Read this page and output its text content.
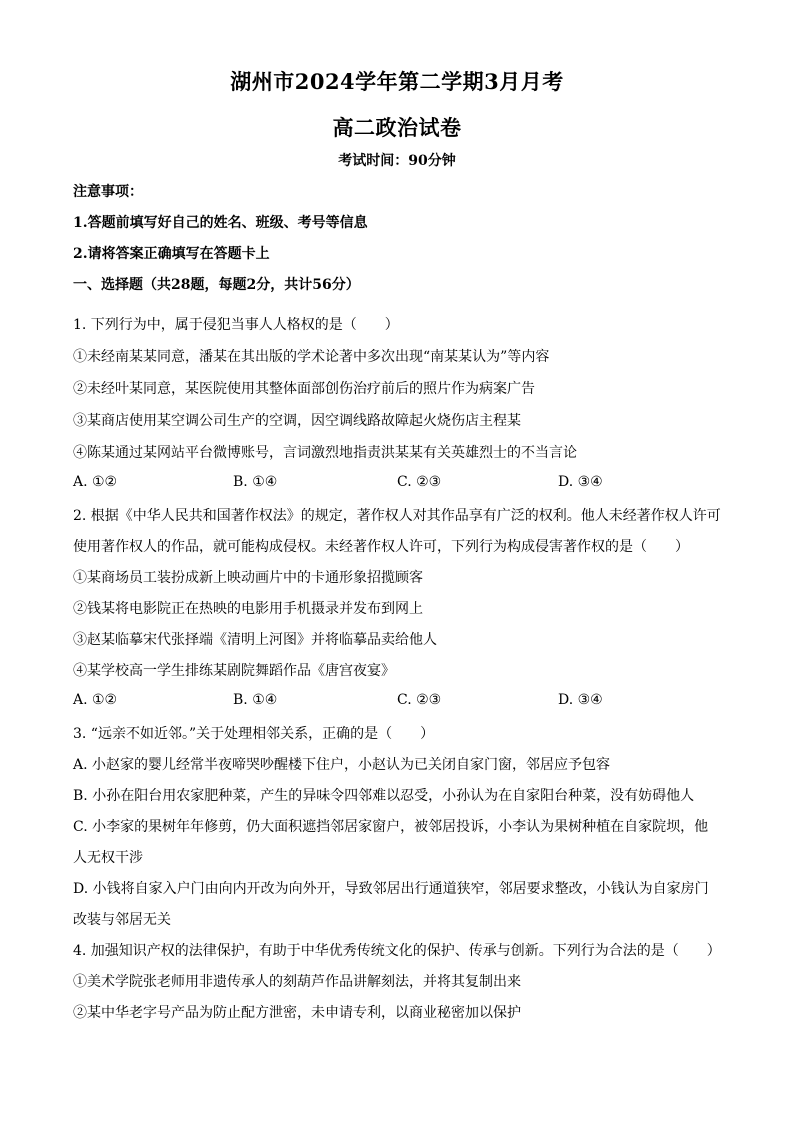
湖州市2024学年第二学期3月月考
高二政治试卷
考试时间：90分钟
注意事项：
1.答题前填写好自己的姓名、班级、考号等信息
2.请将答案正确填写在答题卡上
一、选择题（共28题，每题2分，共计56分）
1. 下列行为中，属于侵犯当事人人格权的是（　　）
①未经南某某同意，潘某在其出版的学术论著中多次出现“南某某认为”等内容
②未经叶某同意，某医院使用其整体面部创伤治疗前后的照片作为病案广告
③某商店使用某空调公司生产的空调，因空调线路故障起火烧伤店主程某
④陈某通过某网站平台微博账号，言词激烈地指责洪某某有关英雄烈士的不当言论
A. ①②	B. ①④	C. ②③	D. ③④
2. 根据《中华人民共和国著作权法》的规定，著作权人对其作品享有广泛的权利。他人未经著作权人许可
使用著作权人的作品，就可能构成侵权。未经著作权人许可，下列行为构成侵害著作权的是（　　）
①某商场员工装扮成新上映动画片中的卡通形象招揽顾客
②钱某将电影院正在热映的电影用手机摄录并发布到网上
③赵某临摹宋代张择端《清明上河图》并将临摹品卖给他人
④某学校高一学生排练某剧院舞蹈作品《唐宫夜宴》
A. ①②	B. ①④	C. ②③	D. ③④
3. “远亲不如近邻。”关于处理相邻关系，正确的是（　　）
A. 小赵家的婴儿经常半夜啼哭吵醒楼下住户，小赵认为已关闭自家门窗，邻居应予包容
B. 小孙在阳台用农家肥种菜，产生的异味令四邻难以忍受，小孙认为在自家阳台种菜，没有妨碍他人
C. 小李家的果树年年修剪，仍大面积遮挡邻居家窗户，被邻居投诉，小李认为果树种植在自家院坝，他
人无权干涉
D. 小钱将自家入户门由向内开改为向外开，导致邻居出行通道狭窄，邻居要求整改，小钱认为自家房门
改装与邻居无关
4. 加强知识产权的法律保护，有助于中华优秀传统文化的保护、传承与创新。下列行为合法的是（　　）
①美术学院张老师用非遗传承人的刻葫芦作品讲解刻法，并将其复制出来
②某中华老字号产品为防止配方泄密，未申请专利，以商业秘密加以保护
